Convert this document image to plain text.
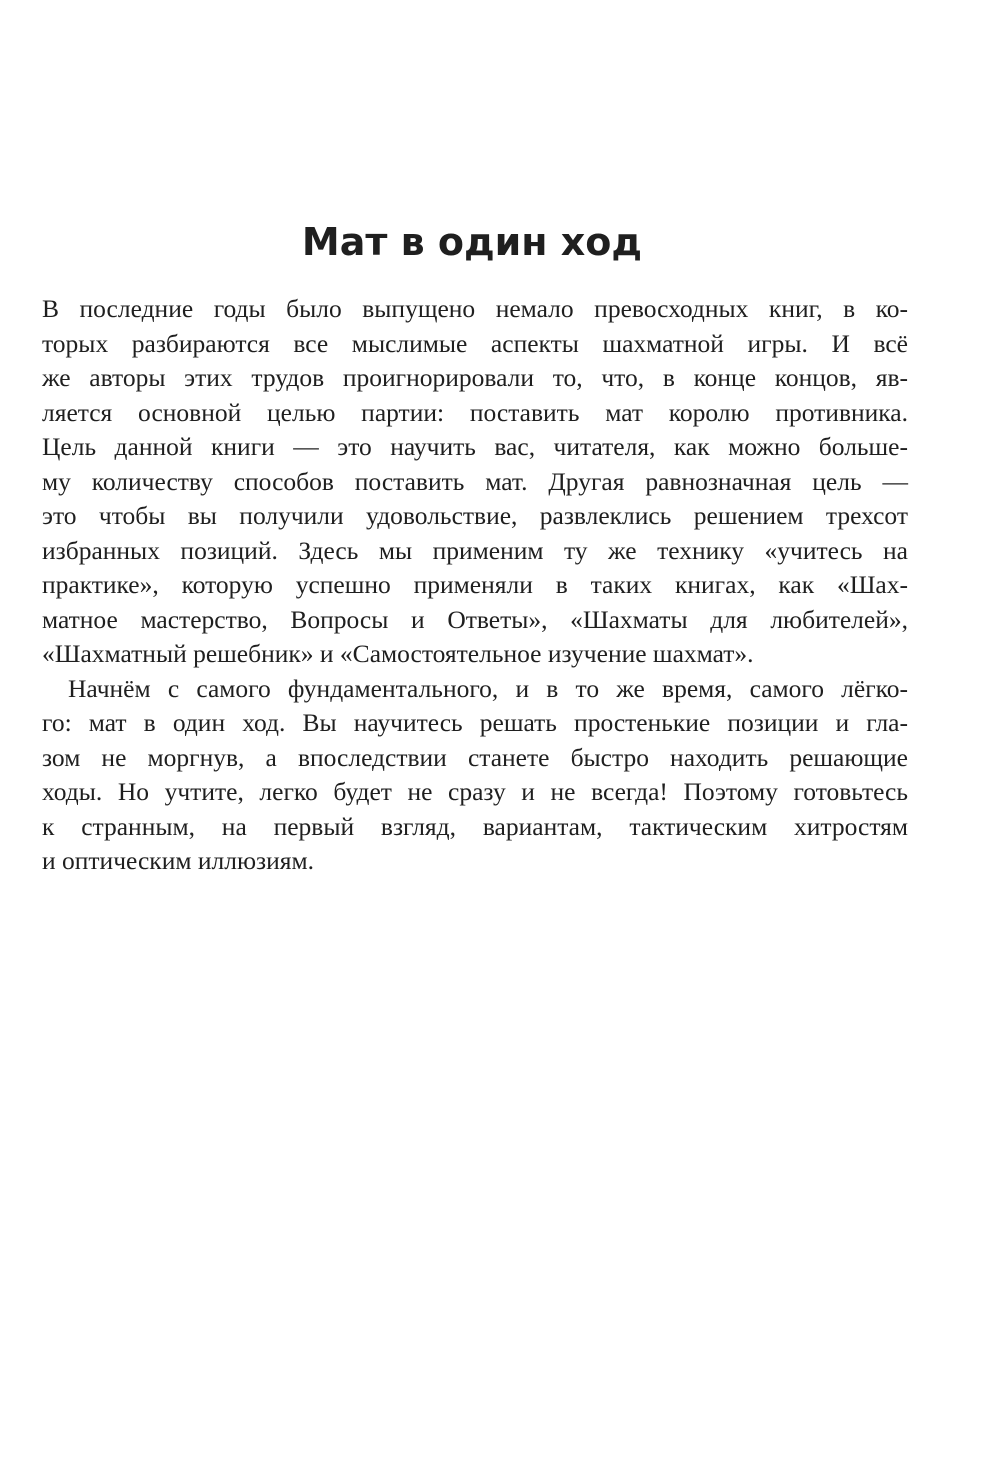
Мат в один ход
В последние годы было выпущено немало превосходных книг, в ко-
торых разбираются все мыслимые аспекты шахматной игры. И всё
же авторы этих трудов проигнорировали то, что, в конце концов, яв-
ляется основной целью партии: поставить мат королю противника.
Цель данной книги — это научить вас, читателя, как можно больше-
му количеству способов поставить мат. Другая равнозначная цель —
это чтобы вы получили удовольствие, развлеклись решением трехсот
избранных позиций. Здесь мы применим ту же технику «учитесь на
практике», которую успешно применяли в таких книгах, как «Шах-
матное мастерство, Вопросы и Ответы», «Шахматы для любителей»,
«Шахматный решебник» и «Самостоятельное изучение шахмат».
Начнём с самого фундаментального, и в то же время, самого лёгко-
го: мат в один ход. Вы научитесь решать простенькие позиции и гла-
зом не моргнув, а впоследствии станете быстро находить решающие
ходы. Но учтите, легко будет не сразу и не всегда! Поэтому готовьтесь
к странным, на первый взгляд, вариантам, тактическим хитростям
и оптическим иллюзиям.
